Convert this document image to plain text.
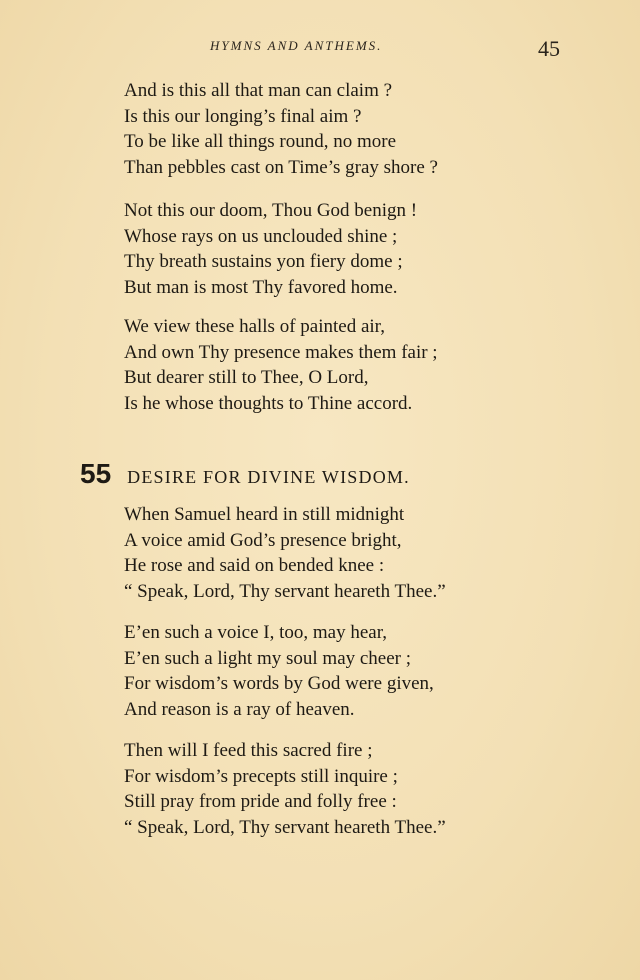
HYMNS AND ANTHEMS.	45
And is this all that man can claim ?
Is this our longing’s final aim ?
To be like all things round, no more
Than pebbles cast on Time’s gray shore ?
Not this our doom, Thou God benign !
Whose rays on us unclouded shine ;
Thy breath sustains yon fiery dome ;
But man is most Thy favored home.
We view these halls of painted air,
And own Thy presence makes them fair ;
But dearer still to Thee, O Lord,
Is he whose thoughts to Thine accord.
55 DESIRE FOR DIVINE WISDOM.
When Samuel heard in still midnight
A voice amid God’s presence bright,
He rose and said on bended knee :
“ Speak, Lord, Thy servant heareth Thee.”
E’en such a voice I, too, may hear,
E’en such a light my soul may cheer ;
For wisdom’s words by God were given,
And reason is a ray of heaven.
Then will I feed this sacred fire ;
For wisdom’s precepts still inquire ;
Still pray from pride and folly free :
“ Speak, Lord, Thy servant heareth Thee.”
